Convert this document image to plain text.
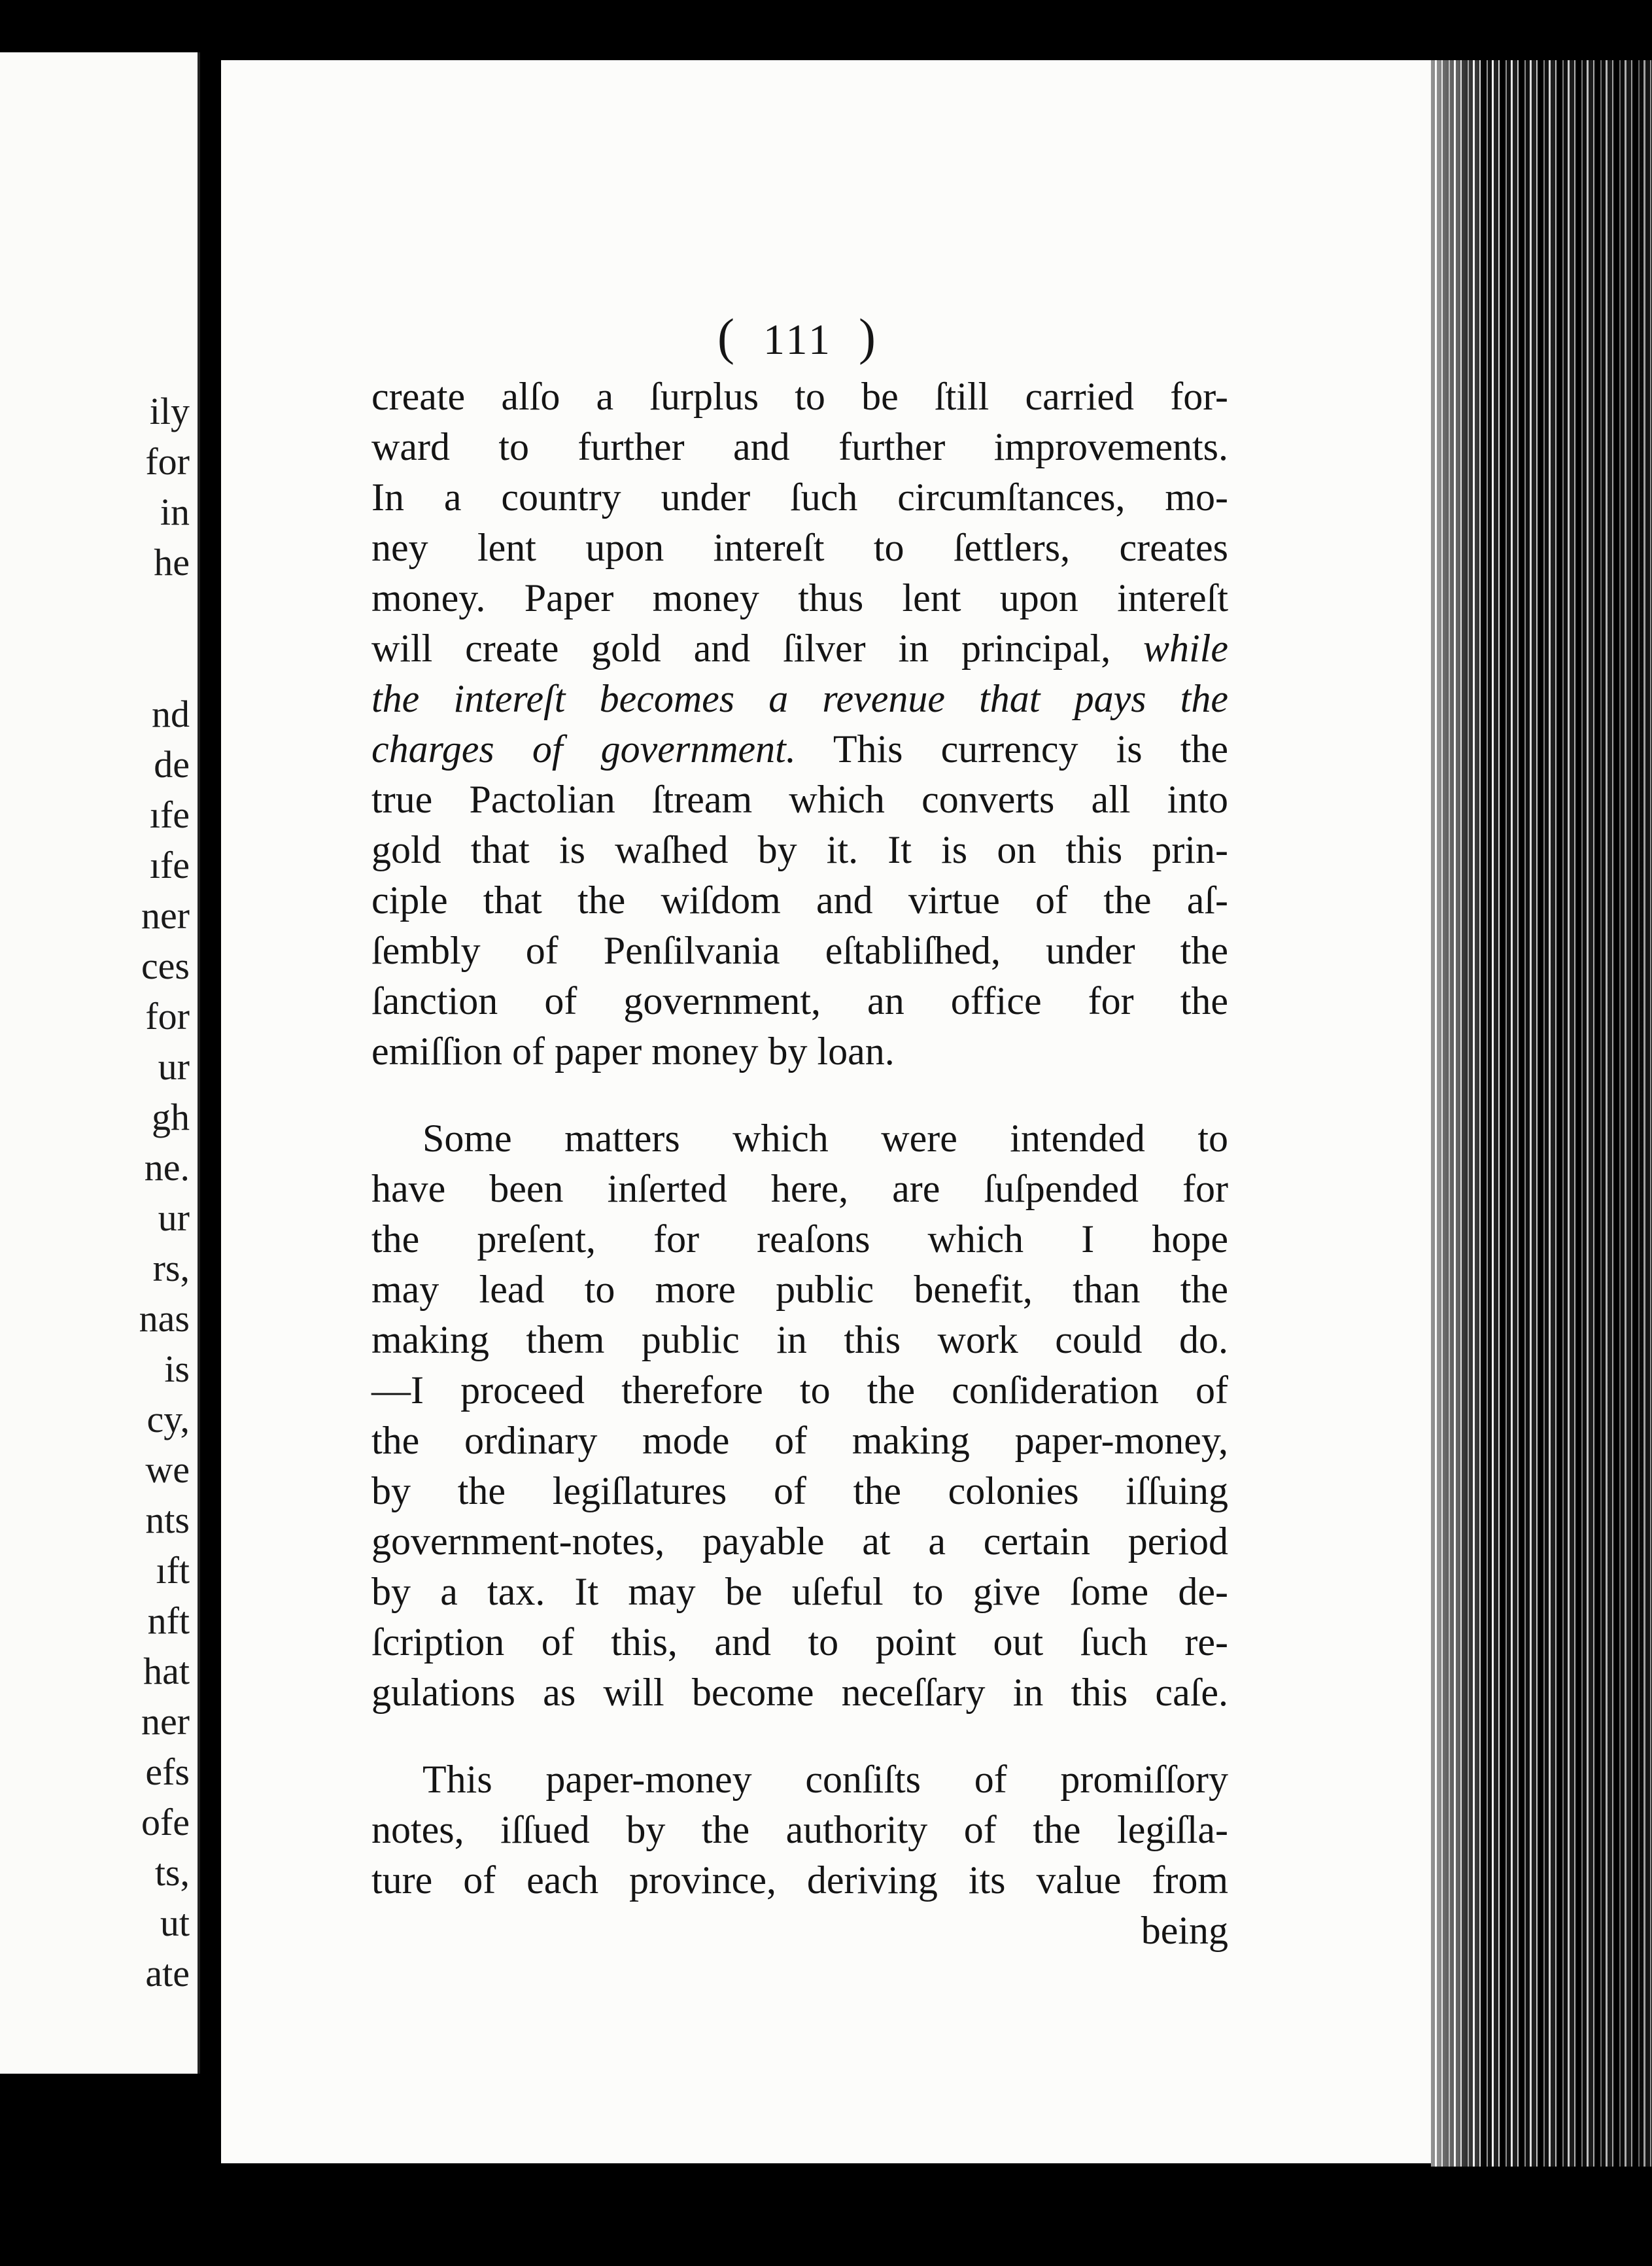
ily
for
in
he
nd
de
ıfe
ıfe
ner
ces
for
ur
gh
ne.
ur
rs,
nas
is
cy,
we
nts
ıft
nft
hat
ner
efs
ofe
ts,
ut
ate
( 111 )
create alſo a ſurplus to be ſtill carried for-
ward to further and further improvements.
In a country under ſuch circumſtances, mo-
ney lent upon intereſt to ſettlers, creates
money. Paper money thus lent upon intereſt
will create gold and ſilver in principal, while
the intereſt becomes a revenue that pays the
charges of government. This currency is the
true Pactolian ſtream which converts all into
gold that is waſhed by it. It is on this prin-
ciple that the wiſdom and virtue of the aſ-
ſembly of Penſilvania eſtabliſhed, under the
ſanction of government, an office for the
emiſſion of paper money by loan.
Some matters which were intended to
have been inſerted here, are ſuſpended for
the preſent, for reaſons which I hope
may lead to more public benefit, than the
making them public in this work could do.
—I proceed therefore to the conſideration of
the ordinary mode of making paper-money,
by the legiſlatures of the colonies iſſuing
government-notes, payable at a certain period
by a tax. It may be uſeful to give ſome de-
ſcription of this, and to point out ſuch re-
gulations as will become neceſſary in this caſe.
This paper-money conſiſts of promiſſory
notes, iſſued by the authority of the legiſla-
ture of each province, deriving its value from
being
